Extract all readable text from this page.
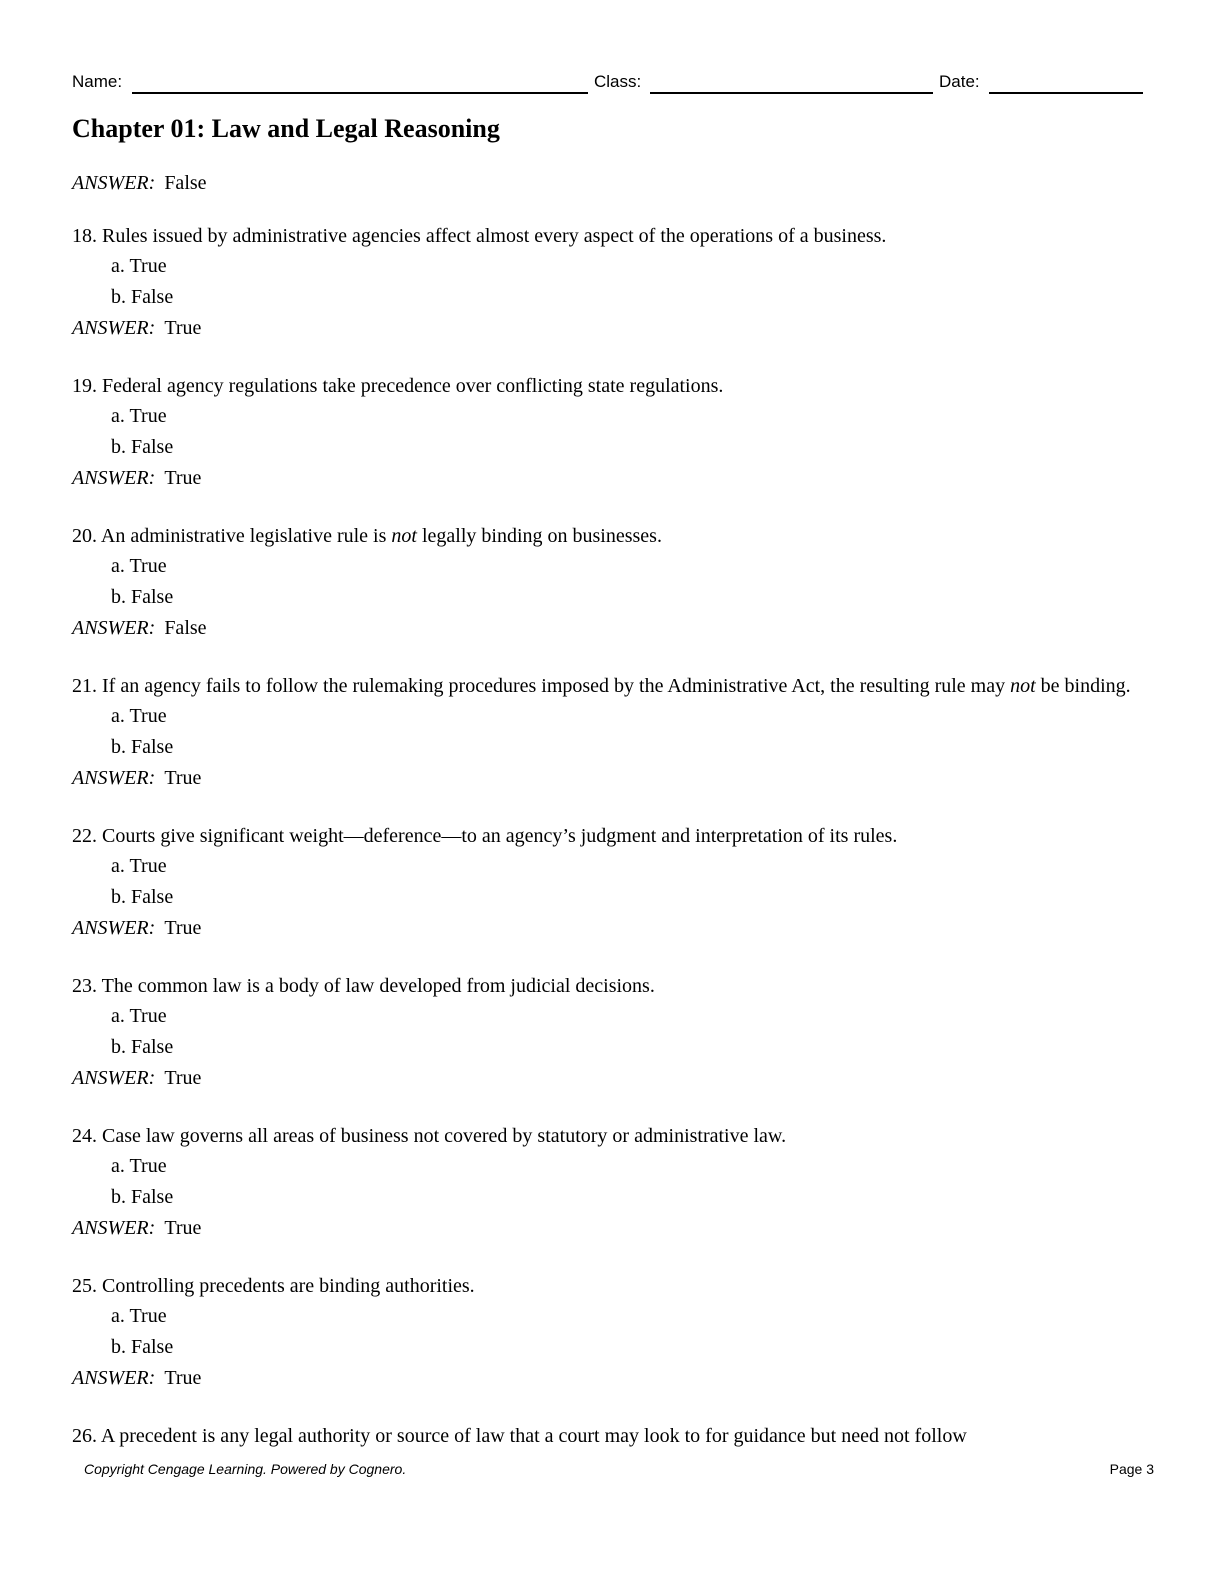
Name:	Class:	Date:
Chapter 01: Law and Legal Reasoning
ANSWER: False
18. Rules issued by administrative agencies affect almost every aspect of the operations of a business.
a. True
b. False
ANSWER: True
19. Federal agency regulations take precedence over conflicting state regulations.
a. True
b. False
ANSWER: True
20. An administrative legislative rule is not legally binding on businesses.
a. True
b. False
ANSWER: False
21. If an agency fails to follow the rulemaking procedures imposed by the Administrative Act, the resulting rule may not be binding.
a. True
b. False
ANSWER: True
22. Courts give significant weight—deference—to an agency’s judgment and interpretation of its rules.
a. True
b. False
ANSWER: True
23. The common law is a body of law developed from judicial decisions.
a. True
b. False
ANSWER: True
24. Case law governs all areas of business not covered by statutory or administrative law.
a. True
b. False
ANSWER: True
25. Controlling precedents are binding authorities.
a. True
b. False
ANSWER: True
26. A precedent is any legal authority or source of law that a court may look to for guidance but need not follow
Copyright Cengage Learning. Powered by Cognero.	Page 3
